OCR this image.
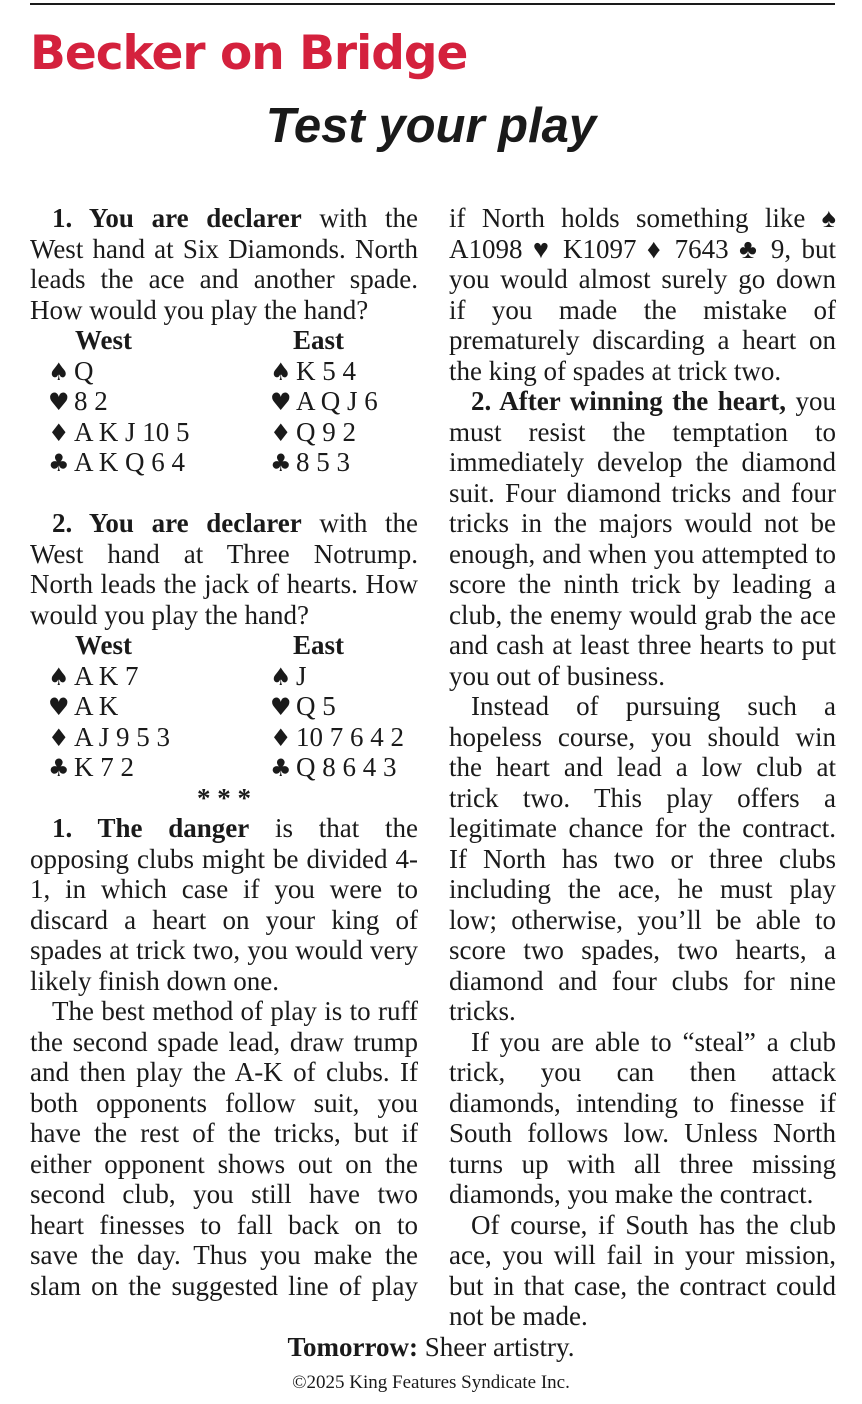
Becker on Bridge
Test your play

1. You are declarer with the West hand at Six Diamonds. North leads the ace and another spade. How would you play the hand?

West	East
♠ Q	♠ K 5 4
♥ 8 2	♥ A Q J 6
♦ A K J 10 5	♦ Q 9 2
♣ A K Q 6 4	♣ 8 5 3

2. You are declarer with the West hand at Three Notrump. North leads the jack of hearts. How would you play the hand?

West	East
♠ A K 7	♠ J
♥ A K	♥ Q 5
♦ A J 9 5 3	♦ 10 7 6 4 2
♣ K 7 2	♣ Q 8 6 4 3
* * *

1. The danger is that the opposing clubs might be divided 4-1, in which case if you were to discard a heart on your king of spades at trick two, you would very likely finish down one.

The best method of play is to ruff the second spade lead, draw trump and then play the A-K of clubs. If both opponents follow suit, you have the rest of the tricks, but if either opponent shows out on the second club, you still have two heart finesses to fall back on to save the day. Thus you make the slam on the suggested line of play

if North holds something like ♠ A1098 ♥ K1097 ♦ 7643 ♣ 9, but you would almost surely go down if you made the mistake of prematurely discarding a heart on the king of spades at trick two.

2. After winning the heart, you must resist the temptation to immediately develop the diamond suit. Four diamond tricks and four tricks in the majors would not be enough, and when you attempted to score the ninth trick by leading a club, the enemy would grab the ace and cash at least three hearts to put you out of business.

Instead of pursuing such a hopeless course, you should win the heart and lead a low club at trick two. This play offers a legitimate chance for the contract. If North has two or three clubs including the ace, he must play low; otherwise, you’ll be able to score two spades, two hearts, a diamond and four clubs for nine tricks.

If you are able to “steal” a club trick, you can then attack diamonds, intending to finesse if South follows low. Unless North turns up with all three missing diamonds, you make the contract.

Of course, if South has the club ace, you will fail in your mission, but in that case, the contract could not be made.

Tomorrow: Sheer artistry.
©2025 King Features Syndicate Inc.
